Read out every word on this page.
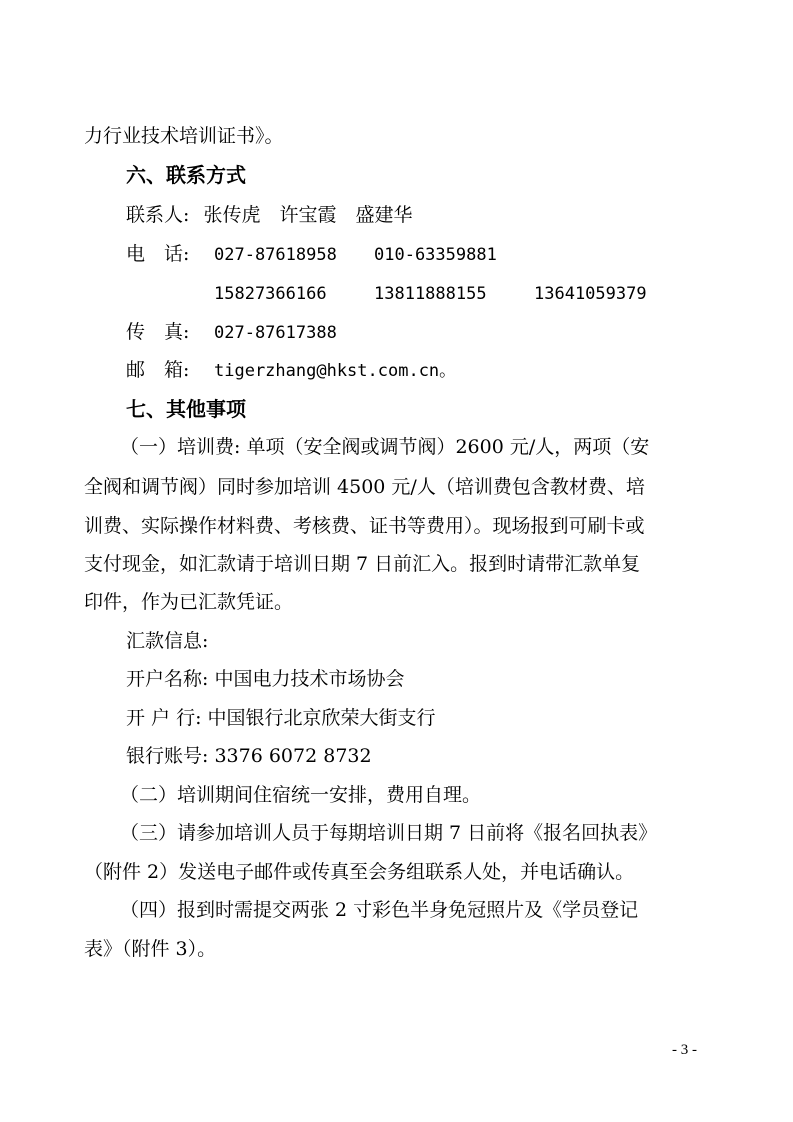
力行业技术培训证书》。
六、联系方式
联系人: 张传虎　许宝霞　盛建华
电　话: 027-87618958 010-63359881
15827366166	13811888155	13641059379
传　真: 027-87617388
邮　箱: tigerzhang@hkst.com.cn。
七、其他事项
（一）培训费: 单项（安全阀或调节阀）2600 元/人，两项（安
全阀和调节阀）同时参加培训 4500 元/人（培训费包含教材费、培
训费、实际操作材料费、考核费、证书等费用）。现场报到可刷卡或
支付现金，如汇款请于培训日期 7 日前汇入。报到时请带汇款单复
印件，作为已汇款凭证。
汇款信息:
开户名称: 中国电力技术市场协会
开 户 行: 中国银行北京欣荣大街支行
银行账号: 3376 6072 8732
（二）培训期间住宿统一安排，费用自理。
（三）请参加培训人员于每期培训日期 7 日前将《报名回执表》
（附件 2）发送电子邮件或传真至会务组联系人处，并电话确认。
（四）报到时需提交两张 2 寸彩色半身免冠照片及《学员登记
表》（附件 3）。
- 3 -
